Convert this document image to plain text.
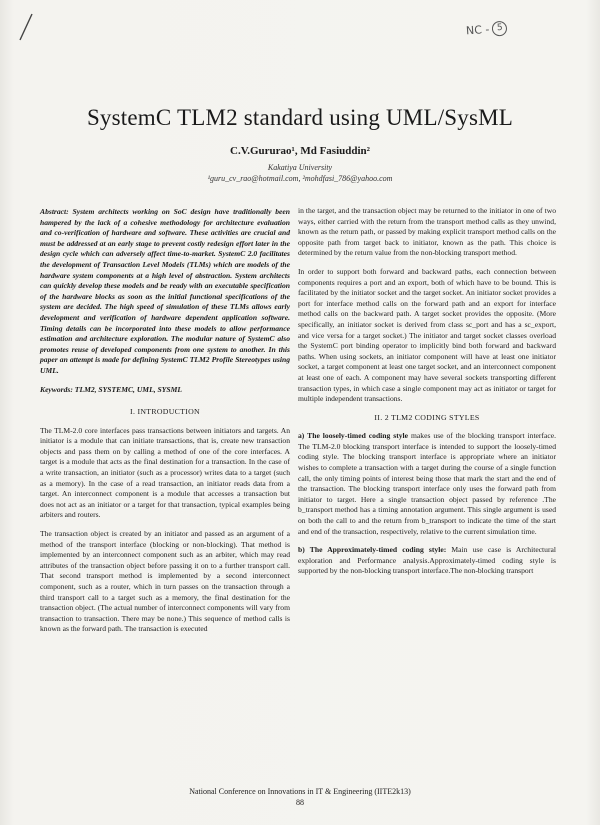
NC - 5
SystemC TLM2 standard using UML/SysML
C.V.Gururao¹, Md Fasiuddin²
Kakatiya University
¹guru_cv_rao@hotmail.com, ²mohdfasi_786@yahoo.com

Abstract: System architects working on SoC design have traditionally been hampered by the lack of a cohesive methodology for architecture evaluation and co-verification of hardware and software. These activities are crucial and must be addressed at an early stage to prevent costly redesign effort later in the design cycle which can adversely affect time-to-market. SystemC 2.0 facilitates the development of Transaction Level Models (TLMs) which are models of the hardware system components at a high level of abstraction. System architects can quickly develop these models and be ready with an executable specification of the hardware blocks as soon as the initial functional specifications of the system are decided. The high speed of simulation of these TLMs allows early development and verification of hardware dependent application software. Timing details can be incorporated into these models to allow performance estimation and architecture exploration. The modular nature of SystemC also promotes reuse of developed components from one system to another. In this paper an attempt is made for defining SystemC TLM2 Profile Stereotypes using UML.

Keywords: TLM2, SYSTEMC, UML, SYSML

I. INTRODUCTION

The TLM-2.0 core interfaces pass transactions between initiators and targets. An initiator is a module that can initiate transactions, that is, create new transaction objects and pass them on by calling a method of one of the core interfaces. A target is a module that acts as the final destination for a transaction. In the case of a write transaction, an initiator (such as a processor) writes data to a target (such as a memory). In the case of a read transaction, an initiator reads data from a target. An interconnect component is a module that accesses a transaction but does not act as an initiator or a target for that transaction, typical examples being arbiters and routers.

The transaction object is created by an initiator and passed as an argument of a method of the transport interface (blocking or non-blocking). That method is implemented by an interconnect component such as an arbiter, which may read attributes of the transaction object before passing it on to a further transport call. That second transport method is implemented by a second interconnect component, such as a router, which in turn passes on the transaction through a third transport call to a target such as a memory, the final destination for the transaction object. (The actual number of interconnect components will vary from transaction to transaction. There may be none.) This sequence of method calls is known as the forward path. The transaction is executed

in the target, and the transaction object may be returned to the initiator in one of two ways, either carried with the return from the transport method calls as they unwind, known as the return path, or passed by making explicit transport method calls on the opposite path from target back to initiator, known as the path. This choice is determined by the return value from the non-blocking transport method.

In order to support both forward and backward paths, each connection between components requires a port and an export, both of which have to be bound. This is facilitated by the initiator socket and the target socket. An initiator socket provides a port for interface method calls on the forward path and an export for interface method calls on the backward path. A target socket provides the opposite. (More specifically, an initiator socket is derived from class sc_port and has a sc_export, and vice versa for a target socket.) The initiator and target socket classes overload the SystemC port binding operator to implicitly bind both forward and backward paths. When using sockets, an initiator component will have at least one initiator socket, a target component at least one target socket, and an interconnect component at least one of each. A component may have several sockets transporting different transaction types, in which case a single component may act as initiator or target for multiple independent transactions.

II. 2 TLM2 CODING STYLES

a) The loosely-timed coding style makes use of the blocking transport interface. The TLM-2.0 blocking transport interface is intended to support the loosely-timed coding style. The blocking transport interface is appropriate where an initiator wishes to complete a transaction with a target during the course of a single function call, the only timing points of interest being those that mark the start and the end of the transaction. The blocking transport interface only uses the forward path from initiator to target. Here a single transaction object passed by reference .The b_transport method has a timing annotation argument. This single argument is used on both the call to and the return from b_transport to indicate the time of the start and end of the transaction, respectively, relative to the current simulation time.

b) The Approximately-timed coding style: Main use case is Architectural exploration and Performance analysis.Approximately-timed coding style is supported by the non-blocking transport interface.The non-blocking transport

National Conference on Innovations in IT & Engineering (IITE2k13)
88
